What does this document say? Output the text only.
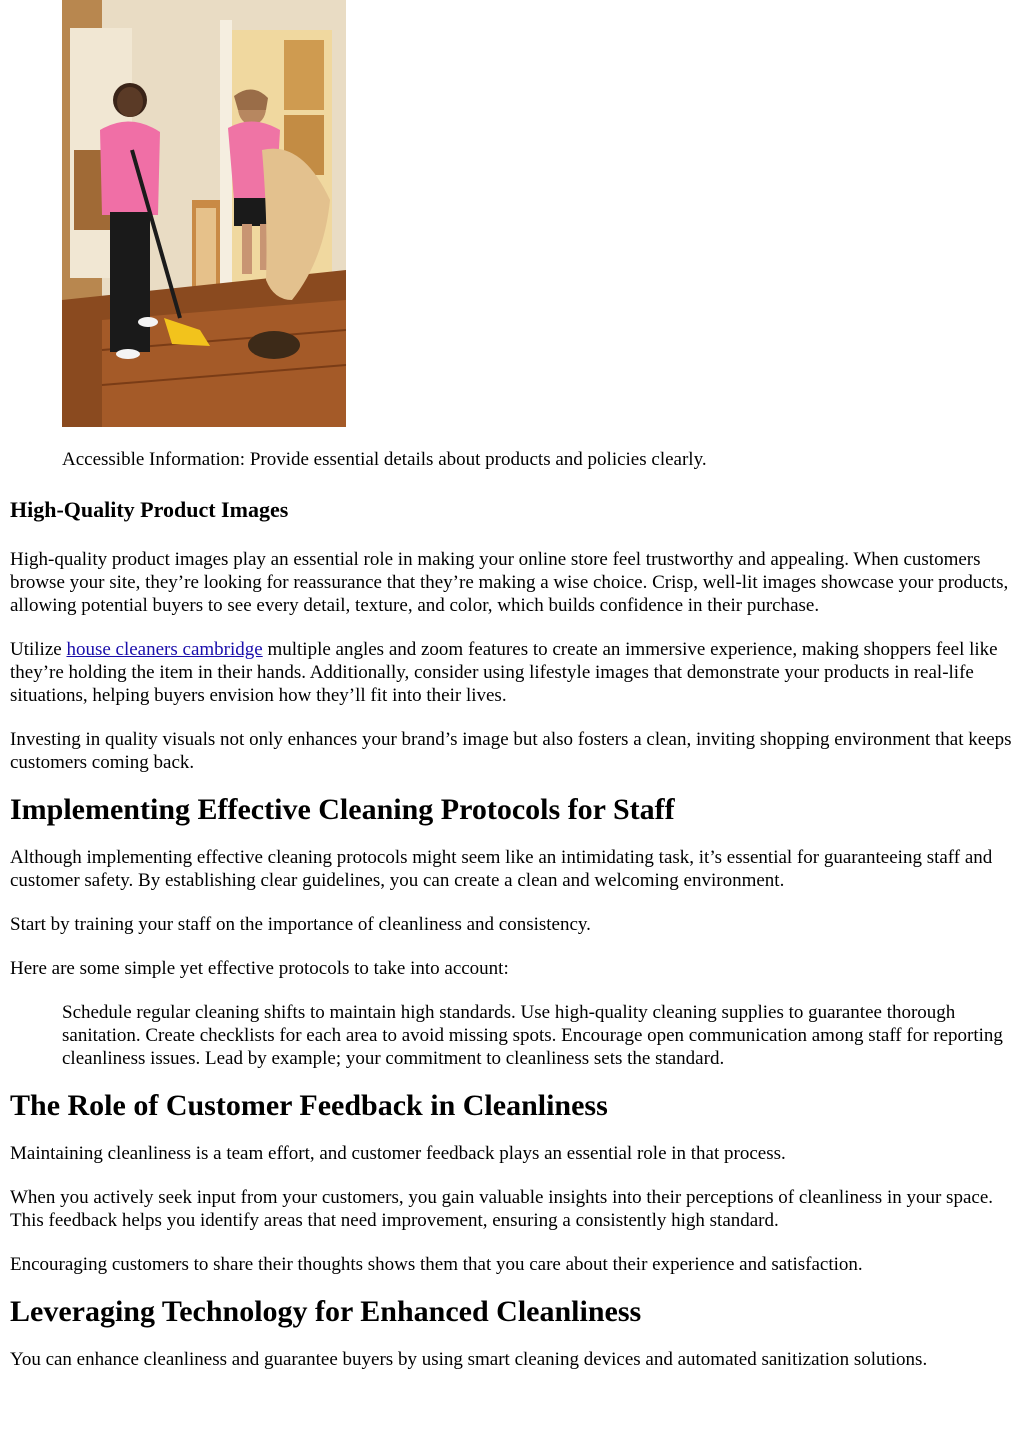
Accessible Information: Provide essential details about products and policies clearly.

High-Quality Product Images

High-quality product images play an essential role in making your online store feel trustworthy and appealing. When customers browse your site, they’re looking for reassurance that they’re making a wise choice. Crisp, well-lit images showcase your products, allowing potential buyers to see every detail, texture, and color, which builds confidence in their purchase.

Utilize house cleaners cambridge multiple angles and zoom features to create an immersive experience, making shoppers feel like they’re holding the item in their hands. Additionally, consider using lifestyle images that demonstrate your products in real-life situations, helping buyers envision how they’ll fit into their lives.

Investing in quality visuals not only enhances your brand’s image but also fosters a clean, inviting shopping environment that keeps customers coming back.

Implementing Effective Cleaning Protocols for Staff

Although implementing effective cleaning protocols might seem like an intimidating task, it’s essential for guaranteeing staff and customer safety. By establishing clear guidelines, you can create a clean and welcoming environment.

Start by training your staff on the importance of cleanliness and consistency.

Here are some simple yet effective protocols to take into account:

Schedule regular cleaning shifts to maintain high standards. Use high-quality cleaning supplies to guarantee thorough sanitation. Create checklists for each area to avoid missing spots. Encourage open communication among staff for reporting cleanliness issues. Lead by example; your commitment to cleanliness sets the standard.
The Role of Customer Feedback in Cleanliness

Maintaining cleanliness is a team effort, and customer feedback plays an essential role in that process.

When you actively seek input from your customers, you gain valuable insights into their perceptions of cleanliness in your space. This feedback helps you identify areas that need improvement, ensuring a consistently high standard.

Encouraging customers to share their thoughts shows them that you care about their experience and satisfaction.

Leveraging Technology for Enhanced Cleanliness

You can enhance cleanliness and guarantee buyers by using smart cleaning devices and automated sanitization solutions.
